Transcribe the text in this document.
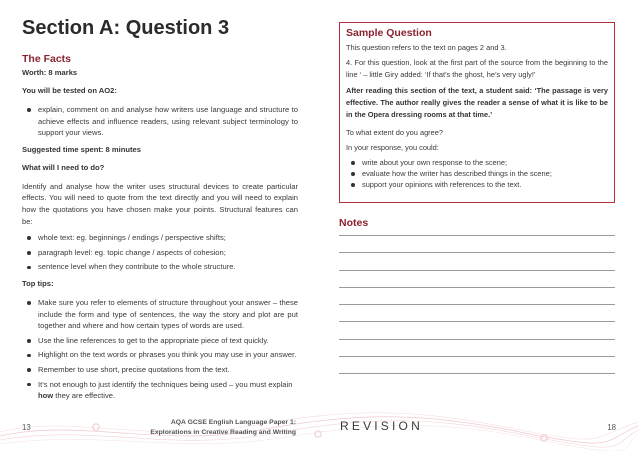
Section A: Question 3
The Facts
Worth: 8 marks
You will be tested on AO2:
explain, comment on and analyse how writers use language and structure to achieve effects and influence readers, using relevant subject terminology to support your views.
Suggested time spent: 8 minutes
What will I need to do?
Identify and analyse how the writer uses structural devices to create particular effects. You will need to quote from the text directly and you will need to explain how the quotations you have chosen make your points. Structural features can be:
whole text: eg. beginnings / endings / perspective shifts;
paragraph level: eg. topic change / aspects of cohesion;
sentence level when they contribute to the whole structure.
Top tips:
Make sure you refer to elements of structure throughout your answer – these include the form and type of sentences, the way the story and plot are put together and where and how certain types of words are used.
Use the line references to get to the appropriate piece of text quickly.
Highlight on the text words or phrases you think you may use in your answer.
Remember to use short, precise quotations from the text.
It’s not enough to just identify the techniques being used – you must explain how they are effective.
Sample Question
This question refers to the text on pages 2 and 3.
4. For this question, look at the first part of the source from the beginning to the line ‘ – little Giry added: ‘If that’s the ghost, he’s very ugly!’
After reading this section of the text, a student said: ‘The passage is very effective. The author really gives the reader a sense of what it is like to be in the Opera dressing rooms at that time.’
To what extent do you agree?
In your response, you could:
write about your own response to the scene;
evaluate how the writer has described things in the scene;
support your opinions with references to the text.
Notes
13
AQA GCSE English Language Paper 1:
Explorations in Creative Reading and Writing	REVISION	18
